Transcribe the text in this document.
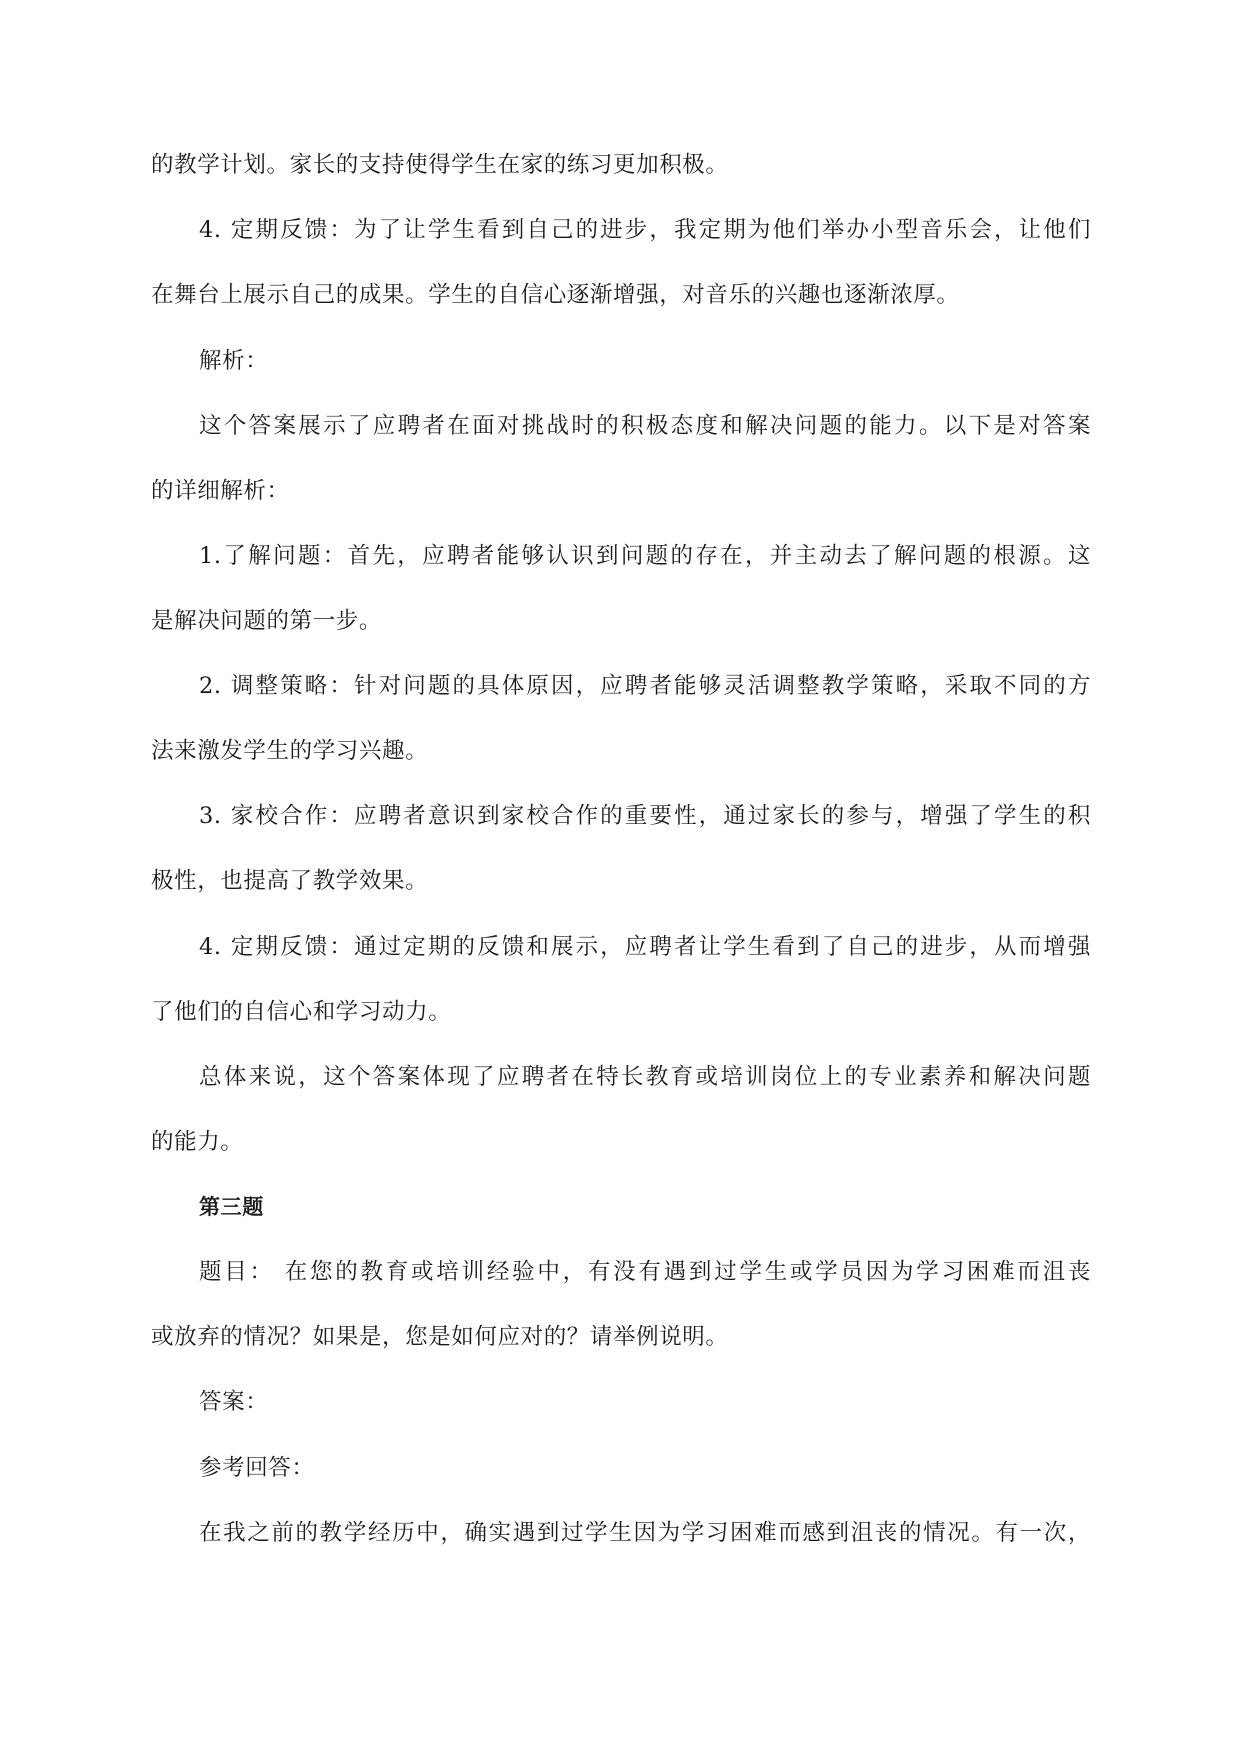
的教学计划。家长的支持使得学生在家的练习更加积极。

4. 定期反馈：为了让学生看到自己的进步，我定期为他们举办小型音乐会，让他们

在舞台上展示自己的成果。学生的自信心逐渐增强，对音乐的兴趣也逐渐浓厚。

解析：

这个答案展示了应聘者在面对挑战时的积极态度和解决问题的能力。以下是对答案

的详细解析：

1.了解问题：首先，应聘者能够认识到问题的存在，并主动去了解问题的根源。这

是解决问题的第一步。

2. 调整策略：针对问题的具体原因，应聘者能够灵活调整教学策略，采取不同的方

法来激发学生的学习兴趣。

3. 家校合作：应聘者意识到家校合作的重要性，通过家长的参与，增强了学生的积

极性，也提高了教学效果。

4. 定期反馈：通过定期的反馈和展示，应聘者让学生看到了自己的进步，从而增强

了他们的自信心和学习动力。

总体来说，这个答案体现了应聘者在特长教育或培训岗位上的专业素养和解决问题

的能力。

第三题

题目： 在您的教育或培训经验中，有没有遇到过学生或学员因为学习困难而沮丧

或放弃的情况？如果是，您是如何应对的？请举例说明。

答案：

参考回答：

在我之前的教学经历中，确实遇到过学生因为学习困难而感到沮丧的情况。有一次，
